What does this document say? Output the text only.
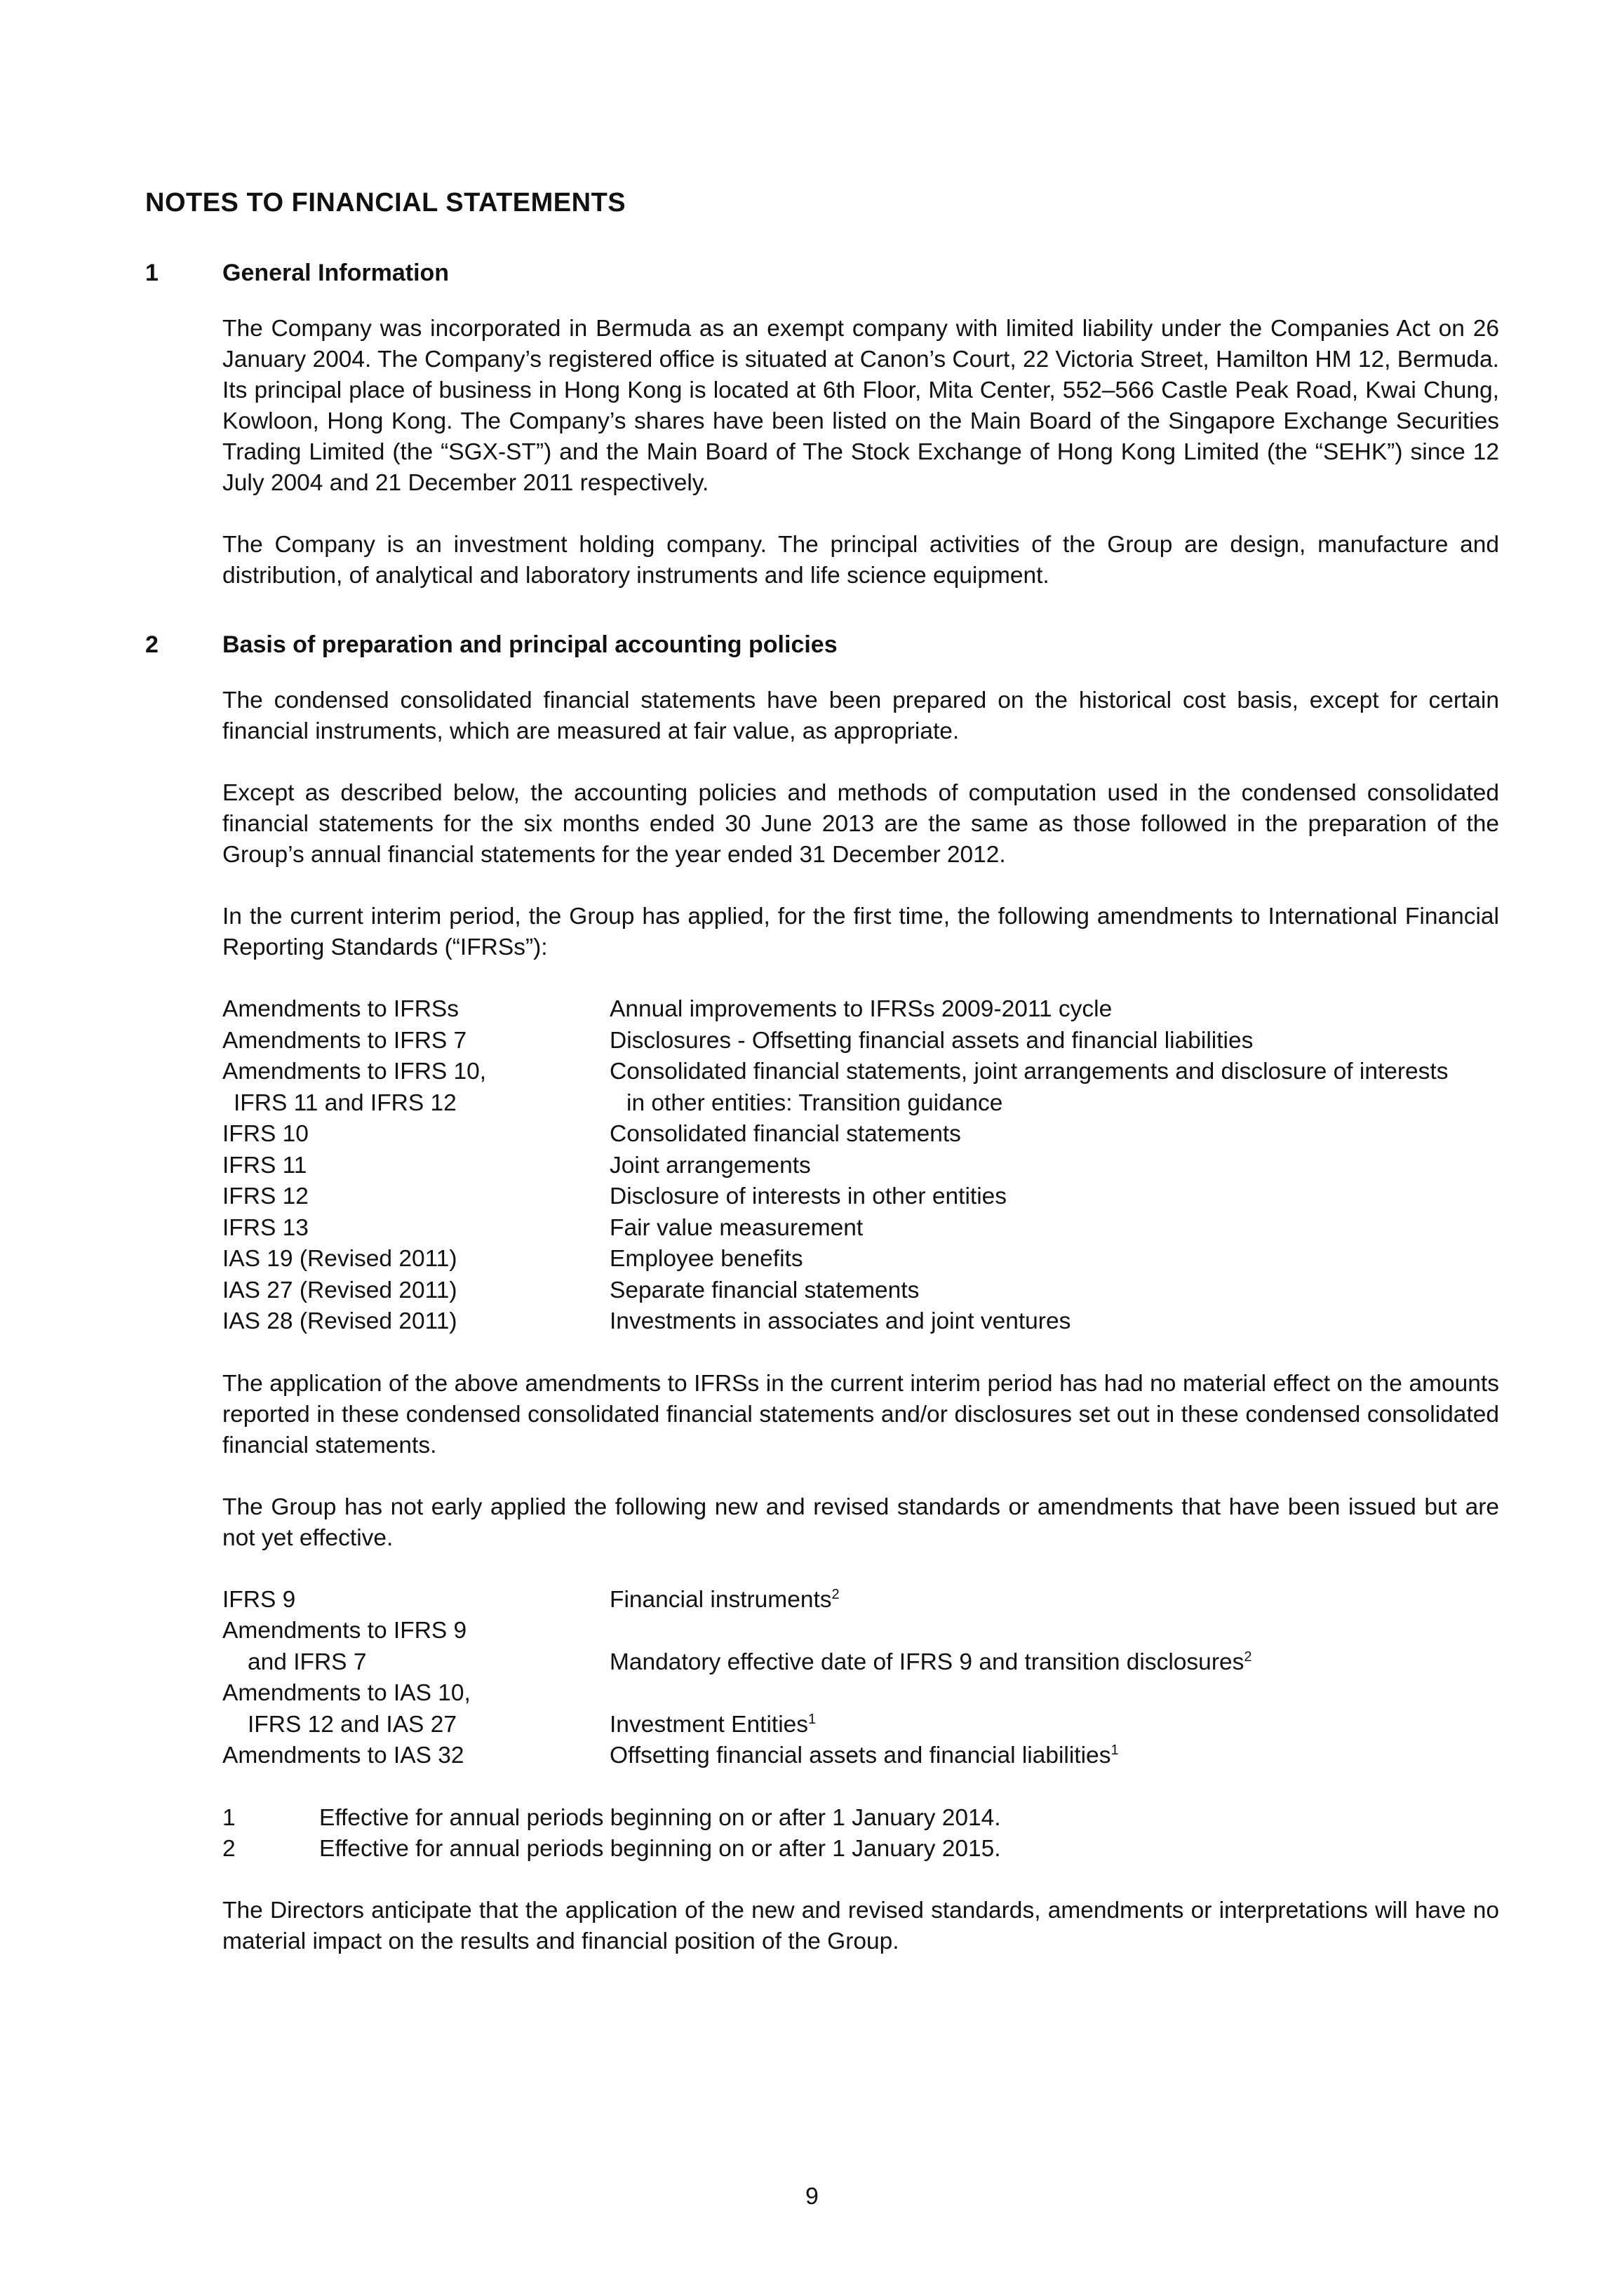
NOTES TO FINANCIAL STATEMENTS
1	General Information

The Company was incorporated in Bermuda as an exempt company with limited liability under the Companies Act on 26 January 2004. The Company’s registered office is situated at Canon’s Court, 22 Victoria Street, Hamilton HM 12, Bermuda. Its principal place of business in Hong Kong is located at 6th Floor, Mita Center, 552–566 Castle Peak Road, Kwai Chung, Kowloon, Hong Kong. The Company’s shares have been listed on the Main Board of the Singapore Exchange Securities Trading Limited (the “SGX-ST”) and the Main Board of The Stock Exchange of Hong Kong Limited (the “SEHK”) since 12 July 2004 and 21 December 2011 respectively.

The Company is an investment holding company. The principal activities of the Group are design, manufacture and distribution, of analytical and laboratory instruments and life science equipment.

2	Basis of preparation and principal accounting policies

The condensed consolidated financial statements have been prepared on the historical cost basis, except for certain financial instruments, which are measured at fair value, as appropriate.

Except as described below, the accounting policies and methods of computation used in the condensed consolidated financial statements for the six months ended 30 June 2013 are the same as those followed in the preparation of the Group’s annual financial statements for the year ended 31 December 2012.

In the current interim period, the Group has applied, for the first time, the following amendments to International Financial Reporting Standards (“IFRSs”):

Amendments to IFRSs	Annual improvements to IFRSs 2009-2011 cycle
Amendments to IFRS 7	Disclosures - Offsetting financial assets and financial liabilities
Amendments to IFRS 10,	Consolidated financial statements, joint arrangements and disclosure of interests
IFRS 11 and IFRS 12	in other entities: Transition guidance
IFRS 10	Consolidated financial statements
IFRS 11	Joint arrangements
IFRS 12	Disclosure of interests in other entities
IFRS 13	Fair value measurement
IAS 19 (Revised 2011)	Employee benefits
IAS 27 (Revised 2011)	Separate financial statements
IAS 28 (Revised 2011)	Investments in associates and joint ventures

The application of the above amendments to IFRSs in the current interim period has had no material effect on the amounts reported in these condensed consolidated financial statements and/or disclosures set out in these condensed consolidated financial statements.

The Group has not early applied the following new and revised standards or amendments that have been issued but are not yet effective.

IFRS 9	Financial instruments$^2$
Amendments to IFRS 9
and IFRS 7	Mandatory effective date of IFRS 9 and transition disclosures$^2$
Amendments to IAS 10,
IFRS 12 and IAS 27	Investment Entities$^1$
Amendments to IAS 32	Offsetting financial assets and financial liabilities$^1$
1	Effective for annual periods beginning on or after 1 January 2014.
2	Effective for annual periods beginning on or after 1 January 2015.

The Directors anticipate that the application of the new and revised standards, amendments or interpretations will have no material impact on the results and financial position of the Group.

9
